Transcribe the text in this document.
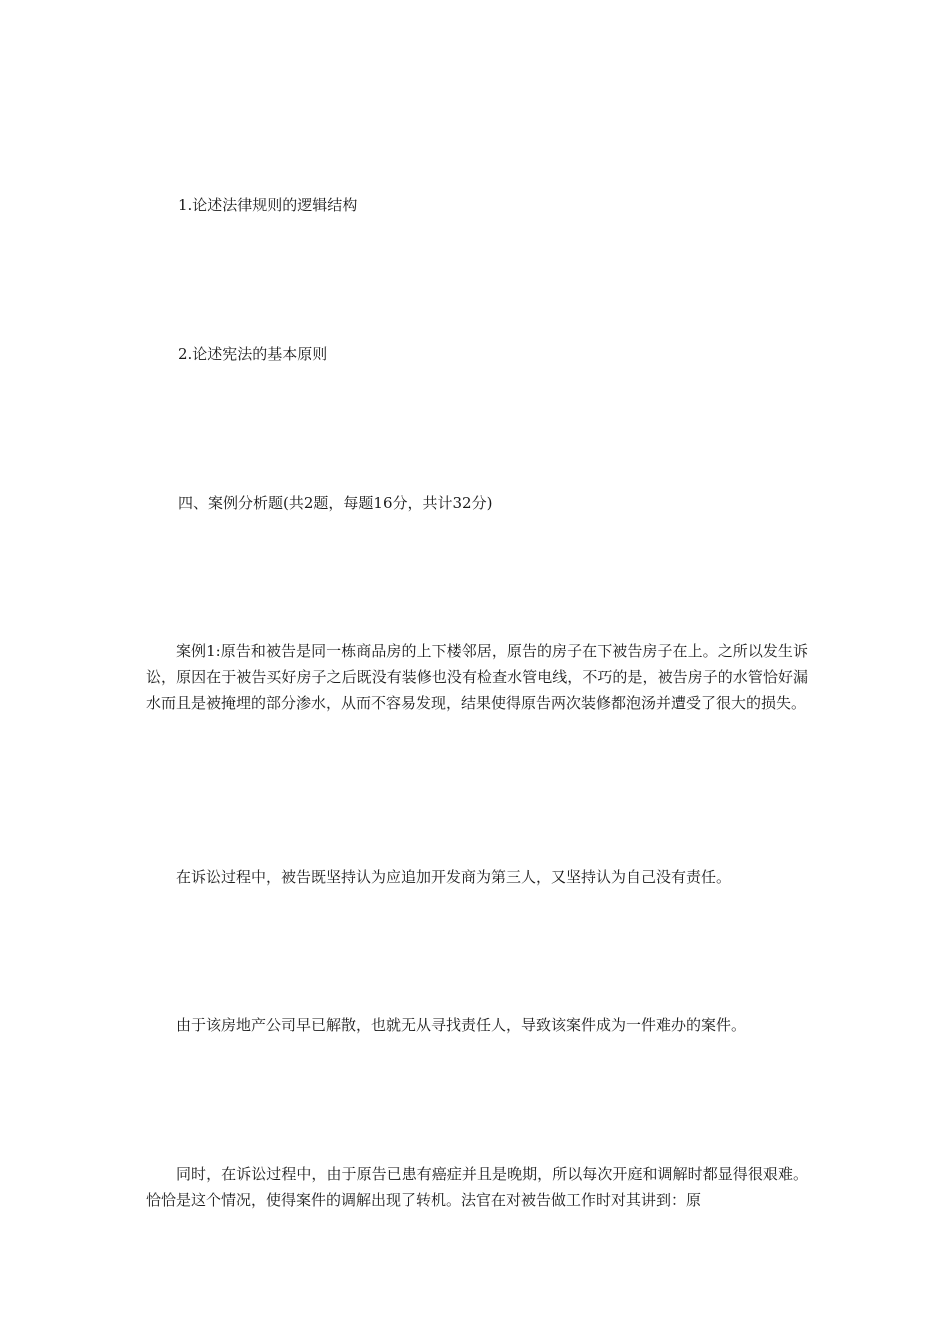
1.论述法律规则的逻辑结构

2.论述宪法的基本原则

四、案例分析题(共2题，每题16分，共计32分)

案例1:原告和被告是同一栋商品房的上下楼邻居，原告的房子在下被告房子在上。之所以发生诉讼，原因在于被告买好房子之后既没有装修也没有检查水管电线，不巧的是，被告房子的水管恰好漏水而且是被掩埋的部分渗水，从而不容易发现，结果使得原告两次装修都泡汤并遭受了很大的损失。

在诉讼过程中，被告既坚持认为应追加开发商为第三人，又坚持认为自己没有责任。

由于该房地产公司早已解散，也就无从寻找责任人，导致该案件成为一件难办的案件。

同时，在诉讼过程中，由于原告已患有癌症并且是晚期，所以每次开庭和调解时都显得很艰难。恰恰是这个情况，使得案件的调解出现了转机。法官在对被告做工作时对其讲到：原
